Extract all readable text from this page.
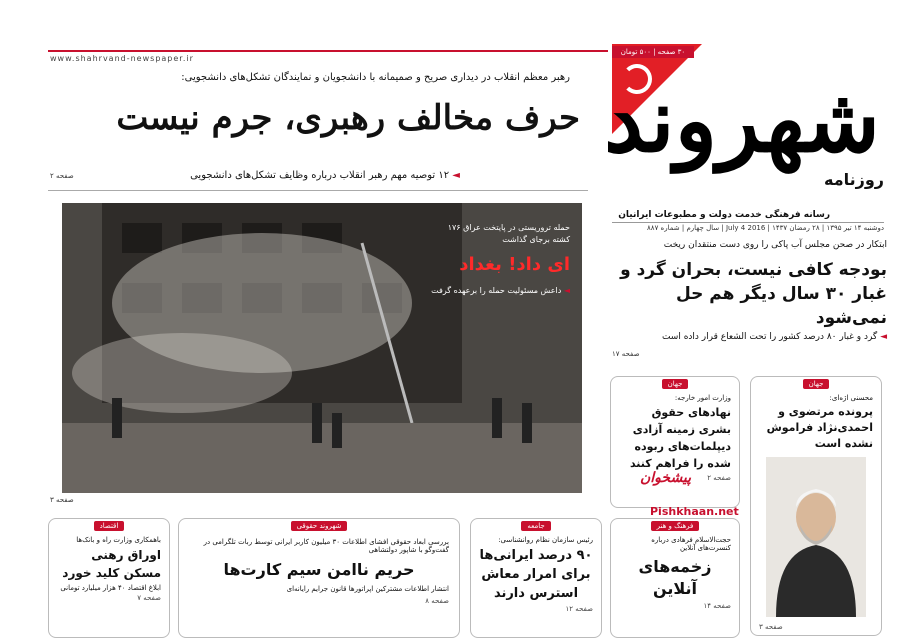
www.shahrvand-newspaper.ir
۳۰ صفحه | ۵۰۰ تومان
شهروند
روزنامه
رسانه فرهنگی خدمت دولت و مطبوعات ایرانیان
دوشنبه ۱۴ تیر ۱۳۹۵ | ۲۸ رمضان ۱۴۳۷ | 2016 July 4 | سال چهارم | شماره ۸۸۷
رهبر معظم انقلاب در دیداری صریح و صمیمانه با دانشجویان و نمایندگان تشکل‌های دانشجویی:
حرف مخالف رهبری، جرم نیست
◄ ۱۲ توصیه مهم رهبر انقلاب درباره وظایف تشکل‌های دانشجویی
صفحه ۲
حمله تروریستی در پایتخت عراق ۱۷۶ کشته برجای گذاشت
ای داد! بغداد
◄ داعش مسئولیت حمله را برعهده گرفت
صفحه ۳
ابتکار در صحن مجلس آب پاکی را روی دست منتقدان ریخت
بودجه کافی نیست، بحران گرد و غبار ۳۰ سال دیگر هم حل نمی‌شود
◄ گرد و غبار ۸۰ درصد کشور را تحت الشعاع قرار داده است
صفحه ۱۷
جهان
وزارت امور خارجه:
نهادهای حقوق بشری زمینه آزادی دیپلمات‌های ربوده شده را فراهم کنند
صفحه ۲
جهان
محسنی اژه‌ای:
پرونده مرتضوی و احمدی‌نژاد فراموش نشده است
صفحه ۳
پیشخوان
Pishkhaan.net
اقتصاد
باهمکاری وزارت راه و بانک‌ها
اوراق رهنی مسکن کلید خورد
ابلاغ اقتصاد ۴۰ هزار میلیارد تومانی
صفحه ۷
شهروند حقوقی
بررسی ابعاد حقوقی افشای اطلاعات ۳۰ میلیون کاربر ایرانی توسط ربات تلگرامی در گفت‌وگو با شاپور دولتشاهی
حریم ناامن سیم کارت‌ها
انتشار اطلاعات مشترکین اپراتورها قانون جرایم رایانه‌ای
صفحه ۸
جامعه
رئیس سازمان نظام روانشناسی:
۹۰ درصد ایرانی‌ها برای امرار معاش استرس دارند
صفحه ۱۲
فرهنگ و هنر
حجت‌الاسلام فرهادی درباره کنسرت‌های آنلاین
زخمه‌های آنلاین
صفحه ۱۴
